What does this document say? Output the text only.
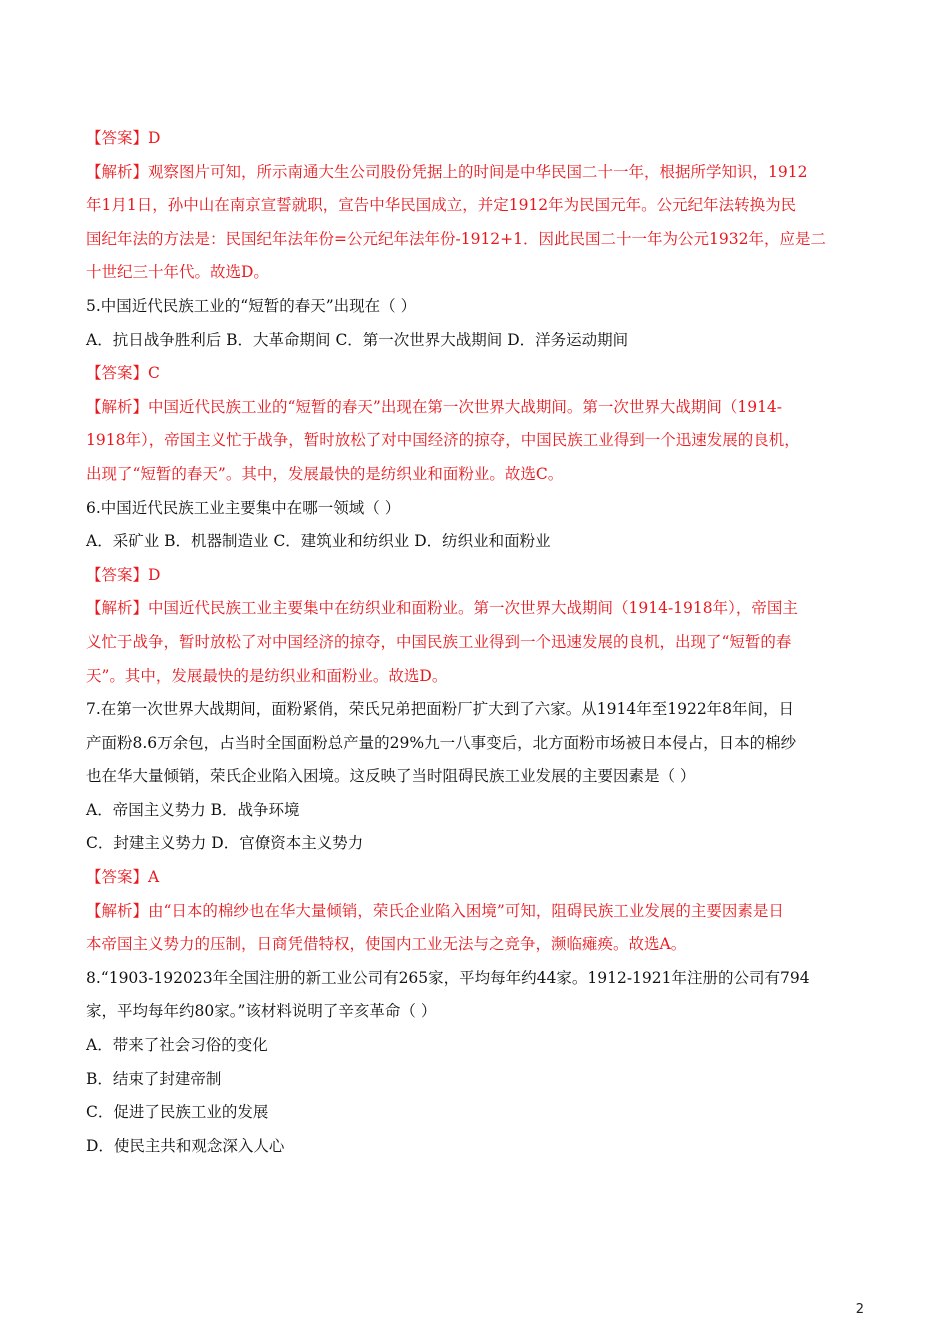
【答案】D

【解析】观察图片可知，所示南通大生公司股份凭据上的时间是中华民国二十一年，根据所学知识，1912

年1月1日，孙中山在南京宣誓就职，宣告中华民国成立，并定1912年为民国元年。公元纪年法转换为民

国纪年法的方法是：民国纪年法年份=公元纪年法年份-1912+1．因此民国二十一年为公元1932年，应是二

十世纪三十年代。故选D。

5.中国近代民族工业的“短暂的春天”出现在（ ）

A．抗日战争胜利后 B．大革命期间 C．第一次世界大战期间 D．洋务运动期间

【答案】C

【解析】中国近代民族工业的“短暂的春天”出现在第一次世界大战期间。第一次世界大战期间（1914-

1918年），帝国主义忙于战争，暂时放松了对中国经济的掠夺，中国民族工业得到一个迅速发展的良机，

出现了“短暂的春天”。其中，发展最快的是纺织业和面粉业。故选C。

6.中国近代民族工业主要集中在哪一领域（ ）

A．采矿业 B．机器制造业 C．建筑业和纺织业 D．纺织业和面粉业

【答案】D

【解析】中国近代民族工业主要集中在纺织业和面粉业。第一次世界大战期间（1914-1918年），帝国主

义忙于战争，暂时放松了对中国经济的掠夺，中国民族工业得到一个迅速发展的良机，出现了“短暂的春

天”。其中，发展最快的是纺织业和面粉业。故选D。

7.在第一次世界大战期间，面粉紧俏，荣氏兄弟把面粉厂扩大到了六家。从1914年至1922年8年间，日

产面粉8.6万余包，占当时全国面粉总产量的29%九一八事变后，北方面粉市场被日本侵占，日本的棉纱

也在华大量倾销，荣氏企业陷入困境。这反映了当时阻碍民族工业发展的主要因素是（ ）

A．帝国主义势力 B．战争环境

C．封建主义势力 D．官僚资本主义势力

【答案】A

【解析】由“日本的棉纱也在华大量倾销，荣氏企业陷入困境”可知，阻碍民族工业发展的主要因素是日

本帝国主义势力的压制，日商凭借特权，使国内工业无法与之竞争，濒临瘫痪。故选A。

8.“1903-192023年全国注册的新工业公司有265家，平均每年约44家。1912-1921年注册的公司有794

家，平均每年约80家。”该材料说明了辛亥革命（ ）

A．带来了社会习俗的变化

B．结束了封建帝制

C．促进了民族工业的发展

D．使民主共和观念深入人心

2
